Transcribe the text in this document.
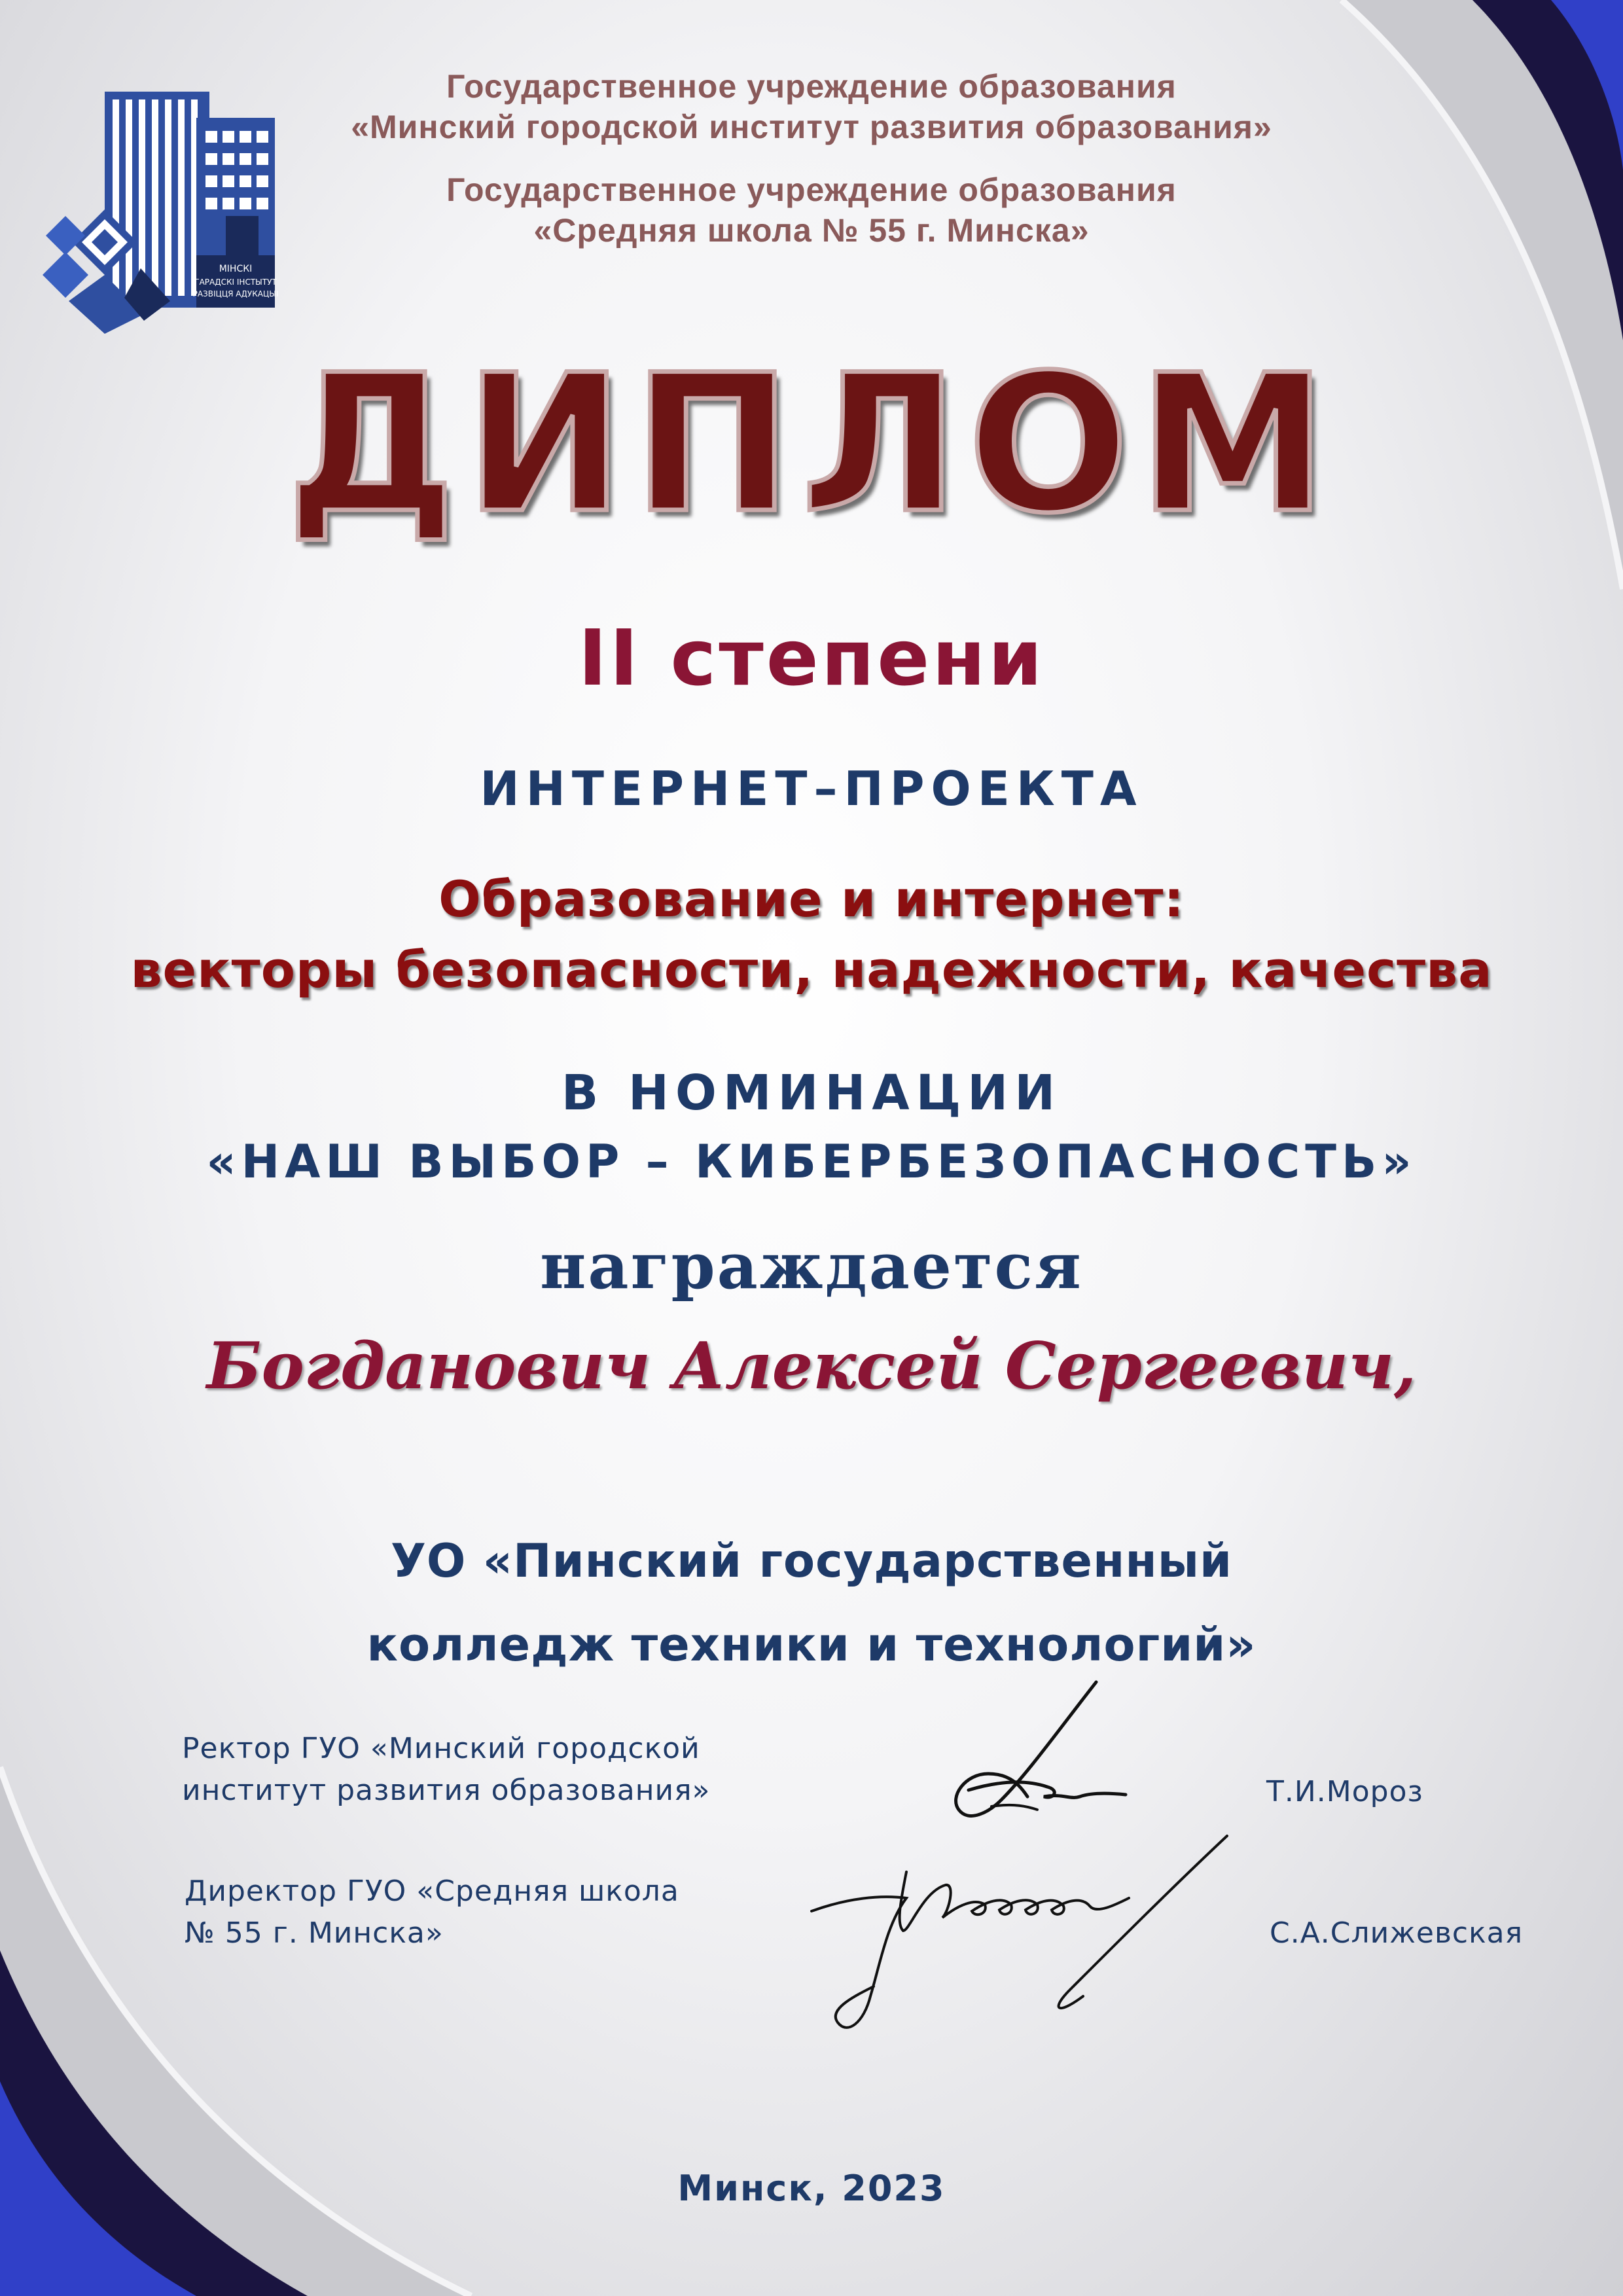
МІНСКІ
ГАРАДСКІ ІНСТЫТУТ
РАЗВІЦЦЯ АДУКАЦЫІ

Государственное учреждение образования

«Минский городской институт развития образования»

Государственное учреждение образования

«Средняя школа № 55 г. Минска»

ДИПЛОМ

II степени

ИНТЕРНЕТ–ПРОЕКТА

Образование и интернет:

векторы безопасности, надежности, качества

В НОМИНАЦИИ

«НАШ ВЫБОР – КИБЕРБЕЗОПАСНОСТЬ»

награждается

Богданович Алексей Сергеевич,

УО «Пинский государственный

колледж техники и технологий»

Ректор ГУО «Минский городской

институт развития образования»	Т.И.Мороз

Директор ГУО «Средняя школа

№ 55 г. Минска»	С.А.Слижевская

Минск, 2023
